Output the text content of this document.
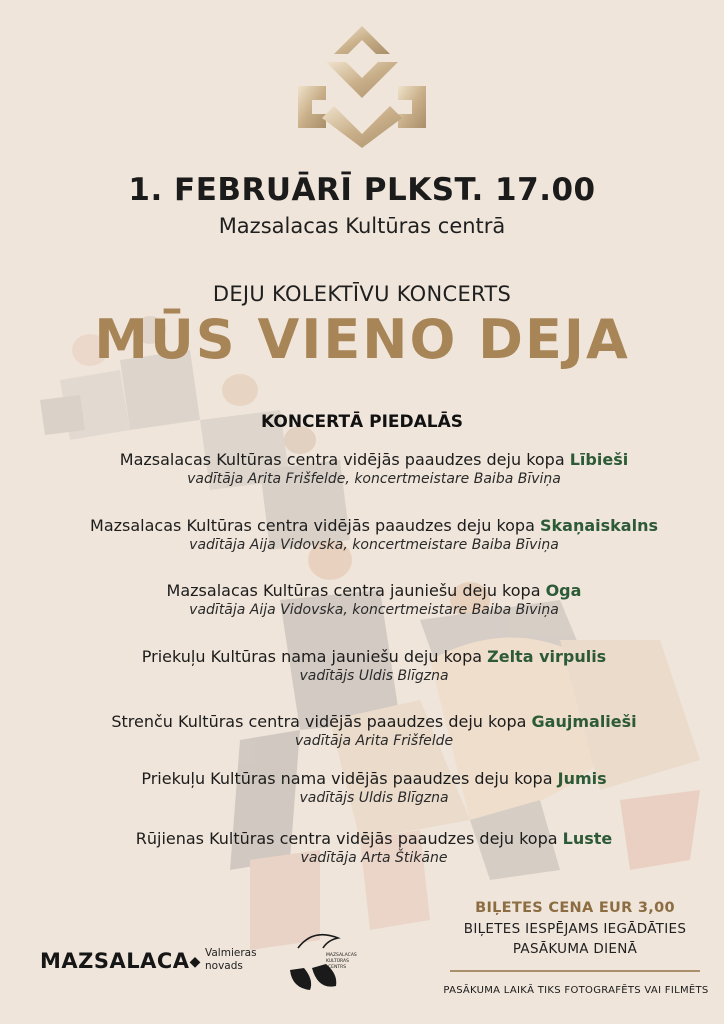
1. FEBRUĀRĪ PLKST. 17.00
Mazsalacas Kultūras centrā
DEJU KOLEKTĪVU KONCERTS
MŪS VIENO DEJA
KONCERTĀ PIEDALĀS
Mazsalacas Kultūras centra vidējās paaudzes deju kopa Lībieši
vadītāja Arita Frišfelde, koncertmeistare Baiba Bīviņa
Mazsalacas Kultūras centra vidējās paaudzes deju kopa Skaņaiskalns
vadītāja Aija Vidovska, koncertmeistare Baiba Bīviņa
Mazsalacas Kultūras centra jauniešu deju kopa Oga
vadītāja Aija Vidovska, koncertmeistare Baiba Bīviņa
Priekuļu Kultūras nama jauniešu deju kopa Zelta virpulis
vadītājs Uldis Blīgzna
Strenču Kultūras centra vidējās paaudzes deju kopa Gaujmalieši
vadītāja Arita Frišfelde
Priekuļu Kultūras nama vidējās paaudzes deju kopa Jumis
vadītājs Uldis Blīgzna
Rūjienas Kultūras centra vidējās paaudzes deju kopa Luste
vadītāja Arta Štikāne
MAZSALACA◆
Valmieras
novads
MAZSALACAS
KULTŪRAS
CENTRS
BIĻETES CENA EUR 3,00
BIĻETES IESPĒJAMS IEGĀDĀTIES
PASĀKUMA DIENĀ
PASĀKUMA LAIKĀ TIKS FOTOGRAFĒTS VAI FILMĒTS
